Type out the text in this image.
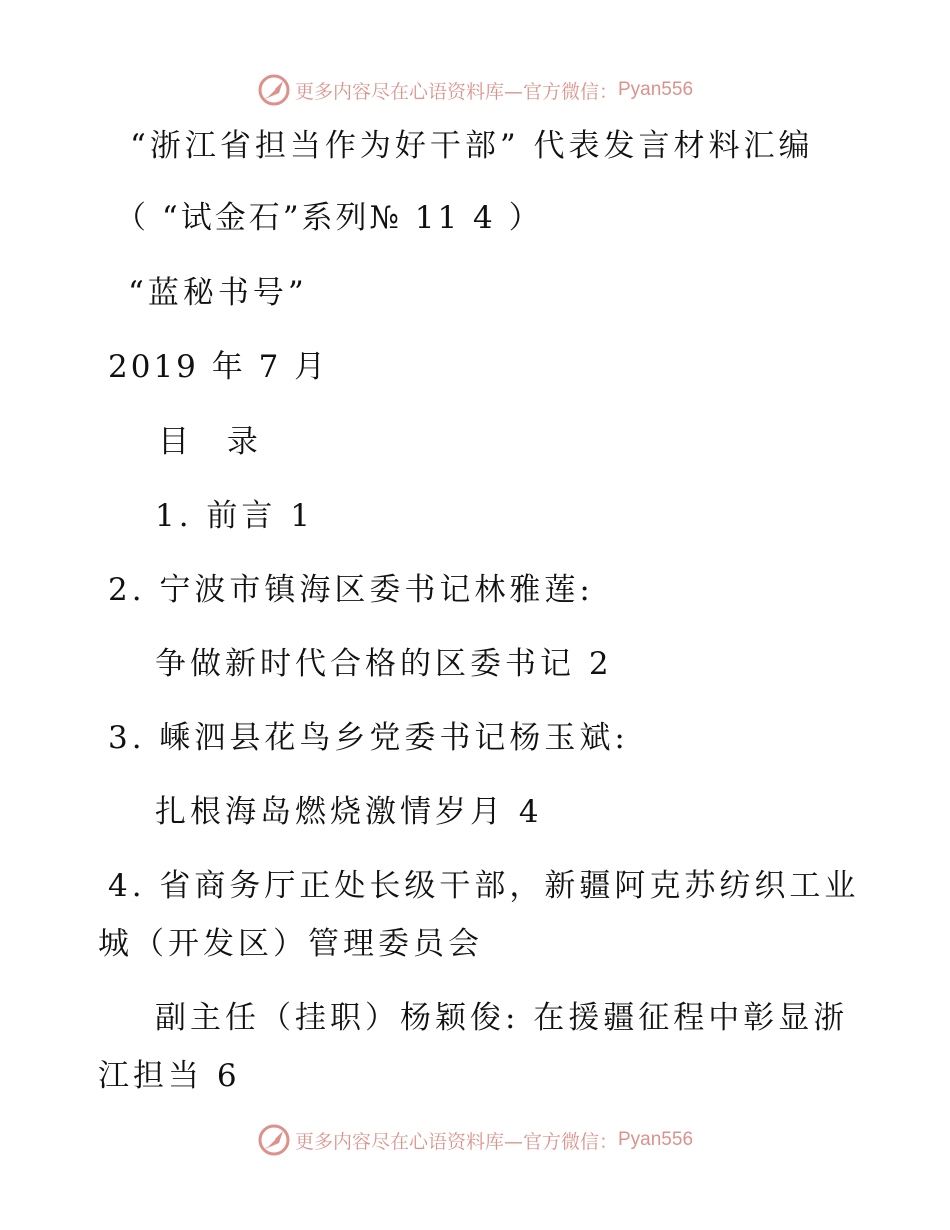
更多内容尽在心语资料库—官方微信： Pyan556
“浙江省担当作为好干部” 代表发言材料汇编
（ “试金石”系列№ 11 4 ）
“蓝秘书号”
2019 年 7 月
目 录
1. 前言 1
2. 宁波市镇海区委书记林雅莲:
争做新时代合格的区委书记 2
3. 嵊泗县花鸟乡党委书记杨玉斌:
扎根海岛燃烧激情岁月 4
4. 省商务厅正处长级干部，新疆阿克苏纺织工业
城（开发区）管理委员会
副主任（挂职）杨颖俊: 在援疆征程中彰显浙
江担当 6
更多内容尽在心语资料库—官方微信： Pyan556
